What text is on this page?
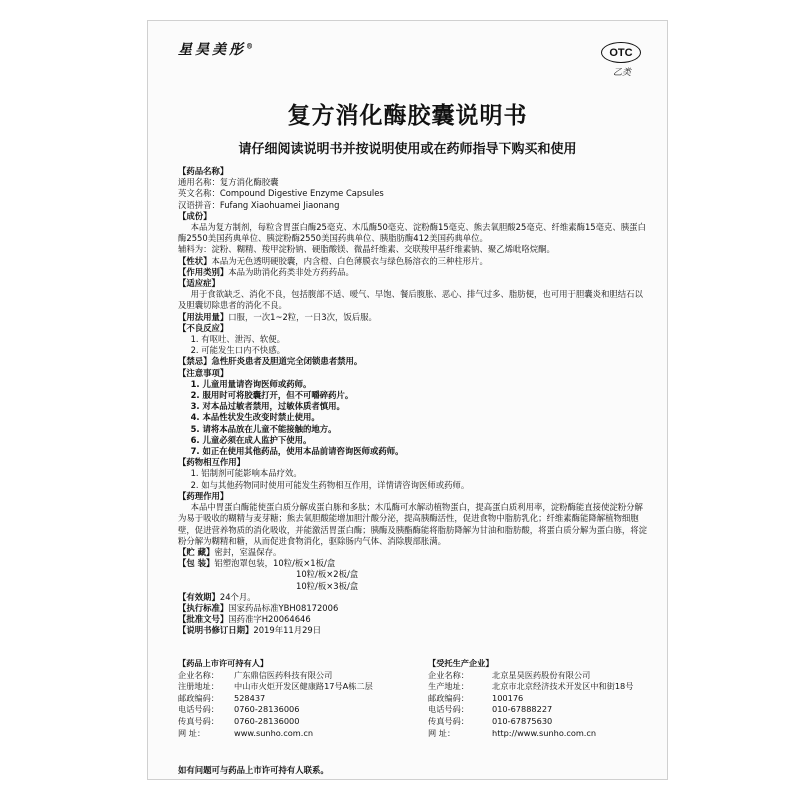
星昊美彤®
OTC
乙类
复方消化酶胶囊说明书
请仔细阅读说明书并按说明使用或在药师指导下购买和使用
【药品名称】
通用名称：复方消化酶胶囊
英文名称：Compound Digestive Enzyme Capsules
汉语拼音：Fufang Xiaohuamei Jiaonang
【成份】
本品为复方制剂，每粒含胃蛋白酶25毫克、木瓜酶50毫克、淀粉酶15毫克、熊去氧胆酸25毫克、纤维素酶15毫克、胰蛋白酶2550美国药典单位、胰淀粉酶2550美国药典单位、胰脂肪酶412美国药典单位。
辅料为：淀粉、糊精、羧甲淀粉钠、硬脂酸镁、微晶纤维素、交联羧甲基纤维素钠、聚乙烯吡咯烷酮。
【性状】本品为无色透明硬胶囊，内含橙、白色薄膜衣与绿色肠溶衣的三种柱形片。
【作用类别】本品为助消化药类非处方药药品。
【适应症】
用于食欲缺乏、消化不良，包括腹部不适、嗳气、早饱、餐后腹胀、恶心、排气过多、脂肪便，也可用于胆囊炎和胆结石以及胆囊切除患者的消化不良。
【用法用量】口服，一次1~2粒，一日3次，饭后服。
【不良反应】
1. 有呕吐、泄泻、软便。
2. 可能发生口内不快感。
【禁忌】急性肝炎患者及胆道完全闭锁患者禁用。
【注意事项】
1. 儿童用量请咨询医师或药师。
2. 服用时可将胶囊打开，但不可嚼碎药片。
3. 对本品过敏者禁用，过敏体质者慎用。
4. 本品性状发生改变时禁止使用。
5. 请将本品放在儿童不能接触的地方。
6. 儿童必须在成人监护下使用。
7. 如正在使用其他药品，使用本品前请咨询医师或药师。
【药物相互作用】
1. 铝制剂可能影响本品疗效。
2. 如与其他药物同时使用可能发生药物相互作用，详情请咨询医师或药师。
【药理作用】
本品中胃蛋白酶能使蛋白质分解成蛋白胨和多肽；木瓜酶可水解动植物蛋白，提高蛋白质利用率，淀粉酶能直接使淀粉分解为易于吸收的糊精与麦芽糖；熊去氧胆酸能增加胆汁酸分泌，提高胰酶活性，促进食物中脂肪乳化；纤维素酶能降解植物细胞壁，促进营养物质的消化吸收，并能激活胃蛋白酶；胰酶及胰酯酶能将脂肪降解为甘油和脂肪酸，将蛋白质分解为蛋白胨，将淀粉分解为糊精和糖，从而促进食物消化，驱除肠内气体、消除腹部胀满。
【贮 藏】密封，室温保存。
【包 装】铝塑泡罩包装，10粒/板×1板/盒
10粒/板×2板/盒
10粒/板×3板/盒
【有效期】24个月。
【执行标准】国家药品标准YBH08172006
【批准文号】国药准字H20064646
【说明书修订日期】2019年11月29日
【药品上市许可持有人】
企业名称：	广东鼎信医药科技有限公司
注册地址：	中山市火炬开发区健康路17号A栋二层
邮政编码：	528437
电话号码：	0760-28136006
传真号码：	0760-28136000
网 址：	www.sunho.com.cn
【受托生产企业】
企业名称：	北京星昊医药股份有限公司
生产地址：	北京市北京经济技术开发区中和街18号
邮政编码：	100176
电话号码：	010-67888227
传真号码：	010-67875630
网 址：	http://www.sunho.com.cn
如有问题可与药品上市许可持有人联系。
